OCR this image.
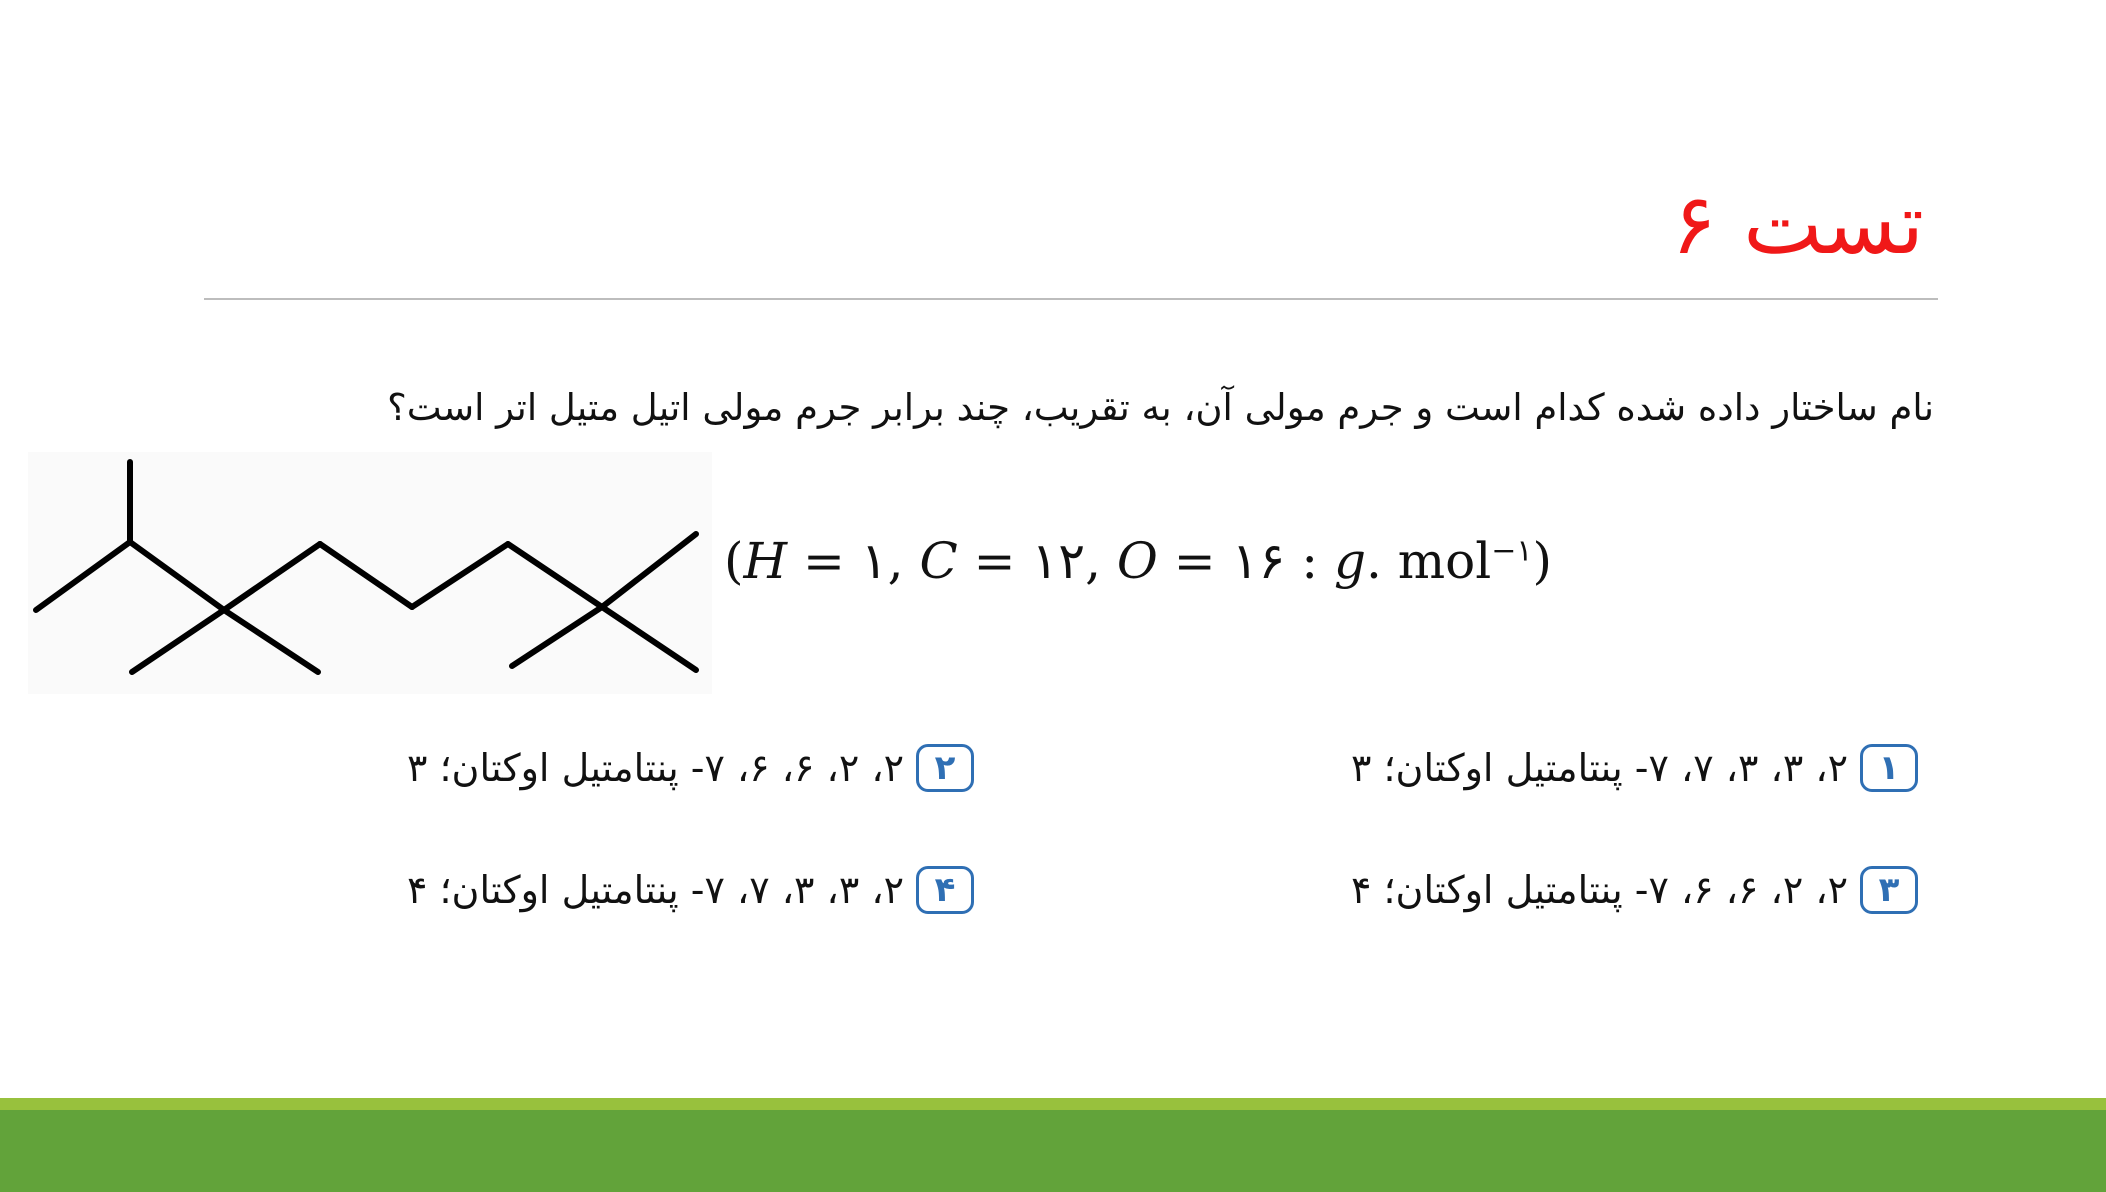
تست ۶
نام ساختار داده شده کدام است و جرم مولی آن، به تقریب، چند برابر جرم مولی اتیل متیل اتر است؟
(H = ۱, C = ۱۲, O = ۱۶ : g. mol$^{-۱}$)
۱
۲، ۳، ۳، ۷، ۷- پنتامتیل اوکتان؛ ۳
۲
۲، ۲، ۶، ۶، ۷- پنتامتیل اوکتان؛ ۳
۳
۲، ۲، ۶، ۶، ۷- پنتامتیل اوکتان؛ ۴
۴
۲، ۳، ۳، ۷، ۷- پنتامتیل اوکتان؛ ۴
